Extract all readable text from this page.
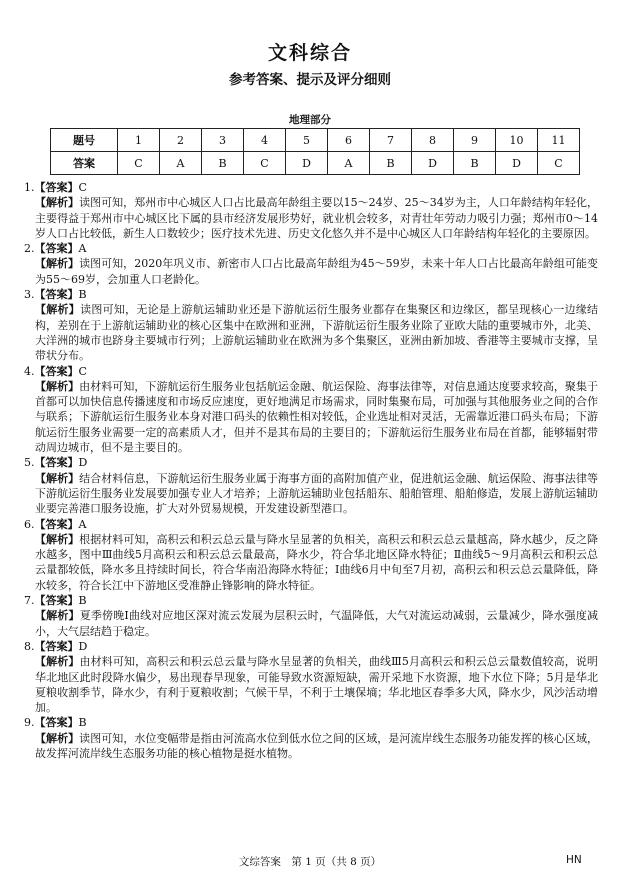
文科综合
参考答案、提示及评分细则
地理部分
题号	1	2	3	4	5	6	7	8	9	10	11
答案	C	A	B	C	D	A	B	D	B	D	C
1.【答案】C
【解析】读图可知，郑州市中心城区人口占比最高年龄组主要以15～24岁、25～34岁为主，人口年龄结构年轻化，主要得益于郑州市中心城区比下属的县市经济发展形势好，就业机会较多，对青壮年劳动力吸引力强；郑州市0～14岁人口占比较低，新生人口数较少；医疗技术先进、历史文化悠久并不是中心城区人口年龄结构年轻化的主要原因。
2.【答案】A
【解析】读图可知，2020年巩义市、新密市人口占比最高年龄组为45～59岁，未来十年人口占比最高年龄组可能变为55～69岁，会加重人口老龄化。
3.【答案】B
【解析】读图可知，无论是上游航运辅助业还是下游航运衍生服务业都存在集聚区和边缘区，都呈现核心一边缘结构，差别在于上游航运辅助业的核心区集中在欧洲和亚洲，下游航运衍生服务业除了亚欧大陆的重要城市外，北美、大洋洲的城市也跻身主要城市行列；上游航运辅助业在欧洲为多个集聚区，亚洲由新加坡、香港等主要城市支撑，呈带状分布。
4.【答案】C
【解析】由材料可知，下游航运衍生服务业包括航运金融、航运保险、海事法律等，对信息通达度要求较高，聚集于首都可以加快信息传播速度和市场反应速度，更好地满足市场需求，同时集聚布局，可加强与其他服务业之间的合作与联系；下游航运衍生服务业本身对港口码头的依赖性相对较低，企业选址相对灵活，无需靠近港口码头布局；下游航运衍生服务业需要一定的高素质人才，但并不是其布局的主要目的；下游航运衍生服务业布局在首都，能够辐射带动周边城市，但不是主要目的。
5.【答案】D
【解析】结合材料信息，下游航运衍生服务业属于海事方面的高附加值产业，促进航运金融、航运保险、海事法律等下游航运衍生服务业发展要加强专业人才培养；上游航运辅助业包括船东、船舶管理、船舶修造，发展上游航运辅助业要完善港口服务设施，扩大对外贸易规模，开发建设新型港口。
6.【答案】A
【解析】根据材料可知，高积云和积云总云量与降水呈显著的负相关，高积云和积云总云量越高，降水越少，反之降水越多，图中Ⅲ曲线5月高积云和积云总云量最高，降水少，符合华北地区降水特征；Ⅱ曲线5～9月高积云和积云总云量都较低，降水多且持续时间长，符合华南沿海降水特征；Ⅰ曲线6月中旬至7月初，高积云和积云总云量降低，降水较多，符合长江中下游地区受准静止锋影响的降水特征。
7.【答案】B
【解析】夏季傍晚Ⅰ曲线对应地区深对流云发展为层积云时，气温降低，大气对流运动减弱，云量减少，降水强度减小，大气层结趋于稳定。
8.【答案】D
【解析】由材料可知，高积云和积云总云量与降水呈显著的负相关，曲线Ⅲ5月高积云和积云总云量数值较高，说明华北地区此时段降水偏少，易出现春旱现象，可能导致水资源短缺，需开采地下水资源，地下水位下降；5月是华北夏粮收割季节，降水少，有利于夏粮收割；气候干旱，不利于土壤保墒；华北地区春季多大风，降水少，风沙活动增加。
9.【答案】B
【解析】读图可知，水位变幅带是指由河流高水位到低水位之间的区域，是河流岸线生态服务功能发挥的核心区域，故发挥河流岸线生态服务功能的核心植物是挺水植物。
文综答案　第 1 页（共 8 页）	HN
